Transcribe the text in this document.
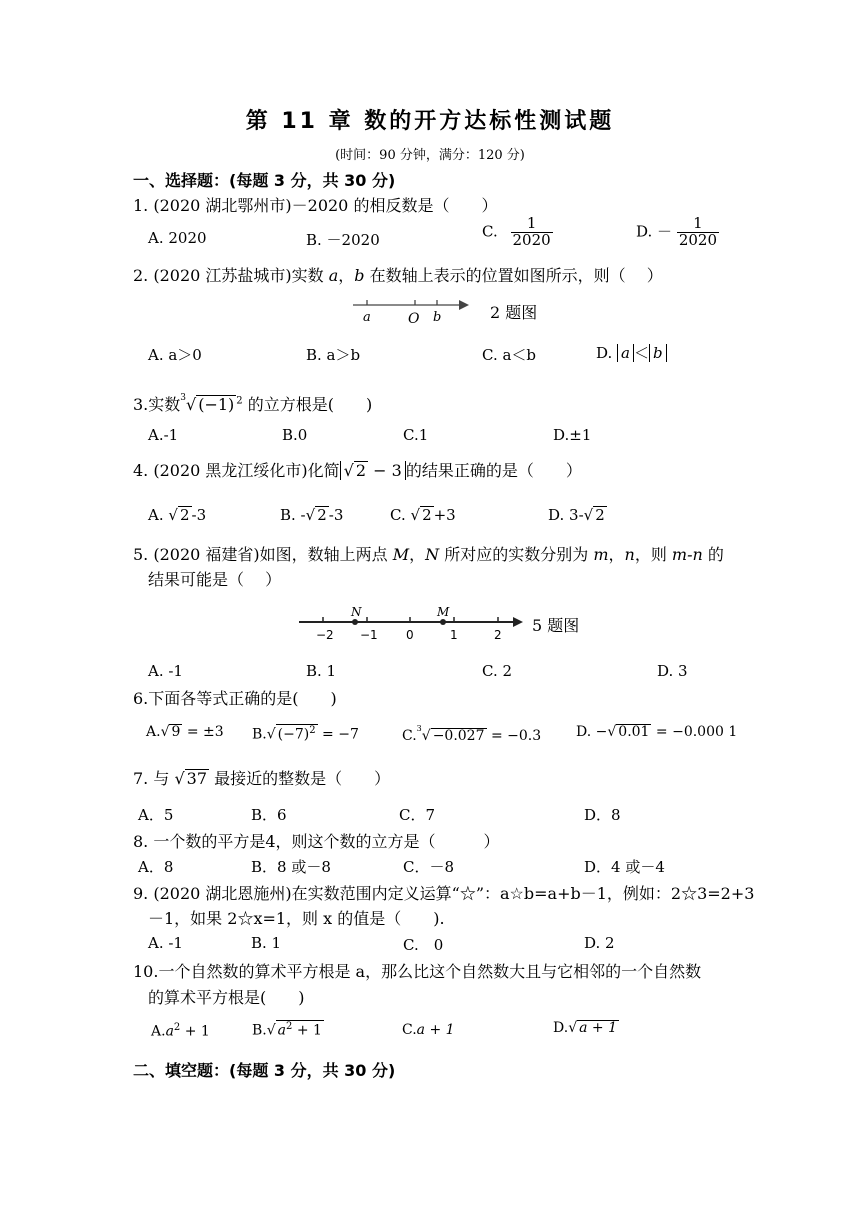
第 11 章 数的开方达标性测试题
(时间：90 分钟，满分：120 分)
一、选择题：(每题 3 分，共 30 分)
1. (2020 湖北鄂州市)－2020 的相反数是（　　）
A. 2020	B. －2020	C. $\frac{1}{2020}$	D. － $\frac{1}{2020}$
2. (2020 江苏盐城市)实数 a，b 在数轴上表示的位置如图所示，则（　 ）
a	O b	2 题图
A. a＞0	B. a＞b	C. a＜b	D. a ＜ b
3.实数$^3$√ (−1) $^2$ 的立方根是(　　)
A.-1	B.0	C.1	D.±1
4. (2020 黑龙江绥化市)化简 √ 2 − 3 的结果正确的是（　　）
A. √ 2 -3	B. -√ 2 -3	C. √ 2 +3	D. 3-√ 2
5. (2020 福建省)如图，数轴上两点 M，N 所对应的实数分别为 m，n，则 m-n 的
结果可能是（　 ）
N	M
−2 −1 0	1	2 5 题图
A. -1	B. 1	C. 2	D. 3
6.下面各等式正确的是(　　)
A.√ 9 = ±3 B.√ $(-7)^2 = -7$	C.$^3$√ −0.027 = −0.3 D. −√ 0.01 = −0.000 1
7. 与 √ 37 最接近的整数是（　　）
A．5	B．6	C．7	D．8
8. 一个数的平方是4，则这个数的立方是（　　　）
A．8	B．8 或－8	C．－8	D．4 或－4
9. (2020 湖北恩施州)在实数范围内定义运算“☆”：a☆b=a+b－1，例如：2☆3=2+3
－1，如果 2☆x=1，则 x 的值是（　　).
A. -1	B. 1	C.　0	D. 2
10.一个自然数的算术平方根是 a，那么比这个自然数大且与它相邻的一个自然数
的算术平方根是(　　)
$A.a^2 + 1$	B.√ $a^2 + 1$	C.a + 1	D.√ a + 1
二、填空题：(每题 3 分，共 30 分)
